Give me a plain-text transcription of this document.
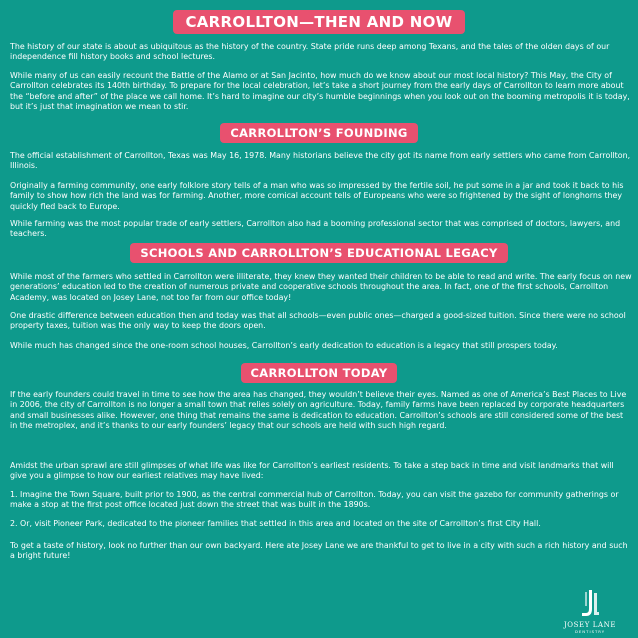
CARROLLTON—THEN AND NOW

The history of our state is about as ubiquitous as the history of the country. State pride runs deep among Texans, and the tales of the olden days of our independence fill history books and school lectures.

While many of us can easily recount the Battle of the Alamo or at San Jacinto, how much do we know about our most local history? This May, the City of Carrollton celebrates its 140th birthday. To prepare for the local celebration, let’s take a short journey from the early days of Carrollton to learn more about the “before and after” of the place we call home. It’s hard to imagine our city’s humble beginnings when you look out on the booming metropolis it is today, but it’s just that imagination we mean to stir.

CARROLLTON’S FOUNDING

The official establishment of Carrollton, Texas was May 16, 1978. Many historians believe the city got its name from early settlers who came from Carrollton, Illinois.

Originally a farming community, one early folklore story tells of a man who was so impressed by the fertile soil, he put some in a jar and took it back to his family to show how rich the land was for farming. Another, more comical account tells of Europeans who were so frightened by the sight of longhorns they quickly fled back to Europe.

While farming was the most popular trade of early settlers, Carrollton also had a booming professional sector that was comprised of doctors, lawyers, and teachers.

SCHOOLS AND CARROLLTON’S EDUCATIONAL LEGACY

While most of the farmers who settled in Carrollton were illiterate, they knew they wanted their children to be able to read and write. The early focus on new generations’ education led to the creation of numerous private and cooperative schools throughout the area. In fact, one of the first schools, Carrollton Academy, was located on Josey Lane, not too far from our office today!

One drastic difference between education then and today was that all schools—even public ones—charged a good-sized tuition. Since there were no school property taxes, tuition was the only way to keep the doors open.

While much has changed since the one-room school houses, Carrollton’s early dedication to education is a legacy that still prospers today.

CARROLLTON TODAY

If the early founders could travel in time to see how the area has changed, they wouldn’t believe their eyes. Named as one of America’s Best Places to Live in 2006, the city of Carrollton is no longer a small town that relies solely on agriculture. Today, family farms have been replaced by corporate headquarters and small businesses alike. However, one thing that remains the same is dedication to education. Carrollton’s schools are still considered some of the best in the metroplex, and it’s thanks to our early founders’ legacy that our schools are held with such high regard.

Amidst the urban sprawl are still glimpses of what life was like for Carrollton’s earliest residents. To take a step back in time and visit landmarks that will give you a glimpse to how our earliest relatives may have lived:

1. Imagine the Town Square, built prior to 1900, as the central commercial hub of Carrollton. Today, you can visit the gazebo for community gatherings or make a stop at the first post office located just down the street that was built in the 1890s.

2. Or, visit Pioneer Park, dedicated to the pioneer families that settled in this area and located on the site of Carrollton’s first City Hall.

To get a taste of history, look no further than our own backyard. Here ate Josey Lane we are thankful to get to live in a city with such a rich history and such a bright future!

JOSEY LANE
DENTISTRY
